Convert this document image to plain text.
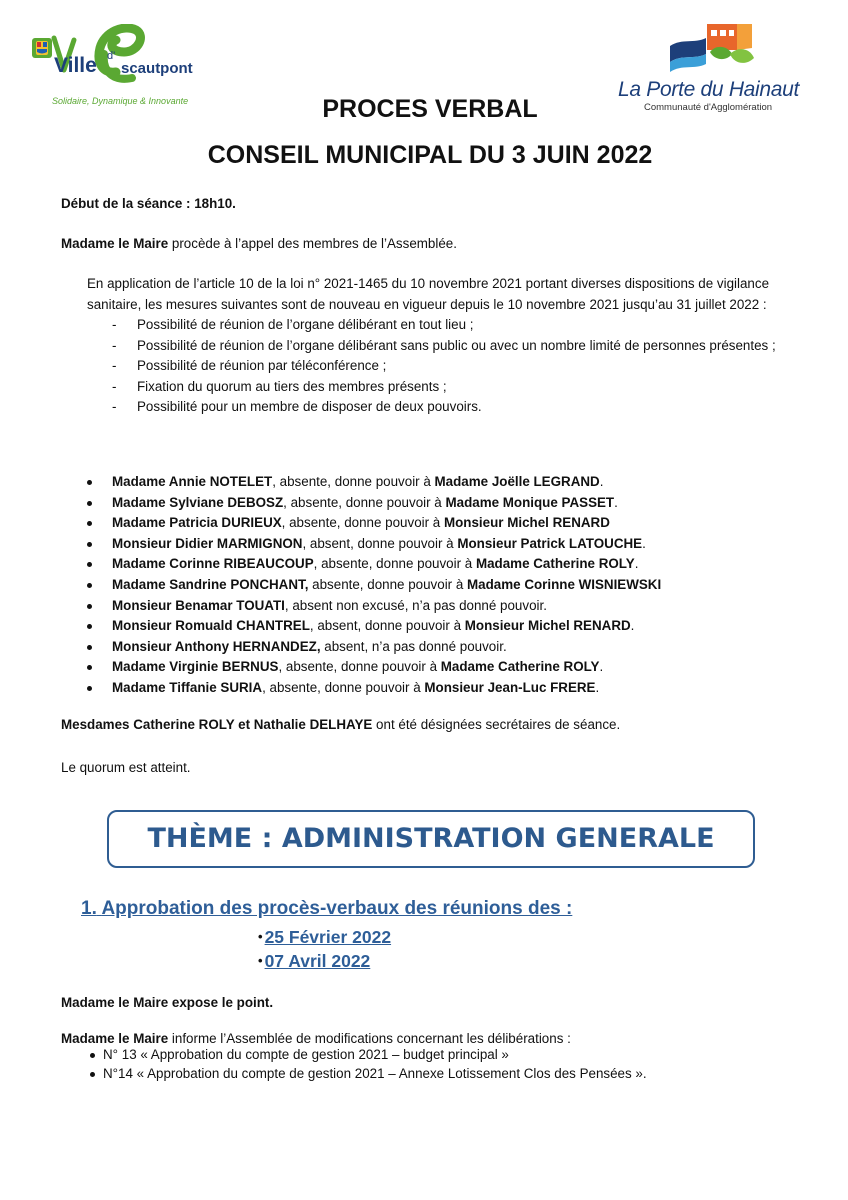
Ville d'
scautpont
Solidaire, Dynamique & Innovante	La Porte du Hainaut
Communauté d'Agglomération
PROCES VERBAL
CONSEIL MUNICIPAL DU 3 JUIN 2022
Début de la séance : 18h10.
Madame le Maire procède à l’appel des membres de l’Assemblée.
En application de l’article 10 de la loi n° 2021-1465 du 10 novembre 2021 portant diverses dispositions de vigilance sanitaire, les mesures suivantes sont de nouveau en vigueur depuis le 10 novembre 2021 jusqu’au 31 juillet 2022 :
- Possibilité de réunion de l’organe délibérant en tout lieu ;
- Possibilité de réunion de l’organe délibérant sans public ou avec un nombre limité de personnes présentes ;
- Possibilité de réunion par téléconférence ;
- Fixation du quorum au tiers des membres présents ;
- Possibilité pour un membre de disposer de deux pouvoirs.
Madame Annie NOTELET, absente, donne pouvoir à Madame Joëlle LEGRAND.
Madame Sylviane DEBOSZ, absente, donne pouvoir à Madame Monique PASSET.
Madame Patricia DURIEUX, absente, donne pouvoir à Monsieur Michel RENARD
Monsieur Didier MARMIGNON, absent, donne pouvoir à Monsieur Patrick LATOUCHE.
Madame Corinne RIBEAUCOUP, absente, donne pouvoir à Madame Catherine ROLY.
Madame Sandrine PONCHANT, absente, donne pouvoir à Madame Corinne WISNIEWSKI
Monsieur Benamar TOUATI, absent non excusé, n’a pas donné pouvoir.
Monsieur Romuald CHANTREL, absent, donne pouvoir à Monsieur Michel RENARD.
Monsieur Anthony HERNANDEZ, absent, n’a pas donné pouvoir.
Madame Virginie BERNUS, absente, donne pouvoir à Madame Catherine ROLY.
Madame Tiffanie SURIA, absente, donne pouvoir à Monsieur Jean-Luc FRERE.
Mesdames Catherine ROLY et Nathalie DELHAYE ont été désignées secrétaires de séance.
Le quorum est atteint.
THÈME : ADMINISTRATION GENERALE
1. Approbation des procès-verbaux des réunions des :
• 25 Février 2022
• 07 Avril 2022
Madame le Maire expose le point.
Madame le Maire informe l’Assemblée de modifications concernant les délibérations :
N° 13 « Approbation du compte de gestion 2021 – budget principal »
N°14 « Approbation du compte de gestion 2021 – Annexe Lotissement Clos des Pensées ».
